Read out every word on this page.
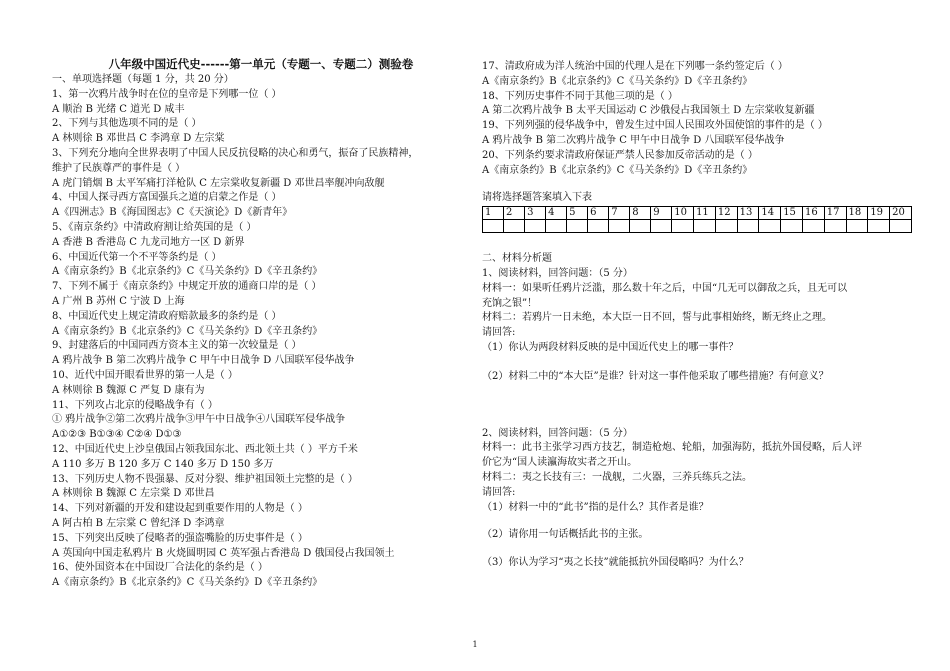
八年级中国近代史------第一单元（专题一、专题二）测验卷
一、单项选择题（每题 1 分，共 20 分）
1、第一次鸦片战争时在位的皇帝是下列哪一位（ ）
A 顺治 B 光绪 C 道光 D 咸丰
2、下列与其他选项不同的是（ ）
A 林则徐 B 邓世昌 C 李鸿章 D 左宗棠
3、下列充分地向全世界表明了中国人民反抗侵略的决心和勇气，振奋了民族精神，
维护了民族尊严的事件是（ ）
A 虎门销烟 B 太平军痛打洋枪队 C 左宗棠收复新疆 D 邓世昌率舰冲向敌舰
4、中国人探寻西方富国强兵之道的启蒙之作是（ ）
A《四洲志》B《海国图志》C《天演论》D《新青年》
5、《南京条约》中清政府割让给英国的是（ ）
A 香港 B 香港岛 C 九龙司地方一区 D 新界
6、中国近代第一个不平等条约是（ ）
A《南京条约》B《北京条约》C《马关条约》D《辛丑条约》
7、下列不属于《南京条约》中规定开放的通商口岸的是（ ）
A 广州 B 苏州 C 宁波 D 上海
8、中国近代史上规定清政府赔款最多的条约是（ ）
A《南京条约》B《北京条约》C《马关条约》D《辛丑条约》
9、封建落后的中国同西方资本主义的第一次较量是（ ）
A 鸦片战争 B 第二次鸦片战争 C 甲午中日战争 D 八国联军侵华战争
10、近代中国开眼看世界的第一人是（ ）
A 林则徐 B 魏源 C 严复 D 康有为
11、下列攻占北京的侵略战争有（ ）
① 鸦片战争②第二次鸦片战争③甲午中日战争④八国联军侵华战争
A①②③ B①③④ C②④ D①③
12、中国近代史上沙皇俄国占领我国东北、西北领土共（ ）平方千米
A 110 多万 B 120 多万 C 140 多万 D 150 多万
13、下列历史人物不畏强暴、反对分裂、维护祖国领土完整的是（ ）
A 林则徐 B 魏源 C 左宗棠 D 邓世昌
14、下列对新疆的开发和建设起到重要作用的人物是（ ）
A 阿古柏 B 左宗棠 C 曾纪泽 D 李鸿章
15、下列突出反映了侵略者的强盗嘴脸的历史事件是（ ）
A 英国向中国走私鸦片 B 火烧圆明园 C 英军强占香港岛 D 俄国侵占我国领土
16、使外国资本在中国设厂合法化的条约是（ ）
A《南京条约》B《北京条约》C《马关条约》D《辛丑条约》
17、清政府成为洋人统治中国的代理人是在下列哪一条约签定后（ ）
A《南京条约》B《北京条约》C《马关条约》D《辛丑条约》
18、下列历史事件不同于其他三项的是（ ）
A 第二次鸦片战争 B 太平天国运动 C 沙俄侵占我国领土 D 左宗棠收复新疆
19、下列列强的侵华战争中，曾发生过中国人民围攻外国使馆的事件的是（ ）
A 鸦片战争 B 第二次鸦片战争 C 甲午中日战争 D 八国联军侵华战争
20、下列条约要求清政府保证严禁人民参加反帝活动的是（ ）
A《南京条约》B《北京条约》C《马关条约》D《辛丑条约》
请将选择题答案填入下表
1	2	3	4	5	6	7	8	9	10	11	12	13	14	15	16	17	18	19	20

二、材料分析题
1、阅读材料，回答问题：（5 分）
材料一：如果听任鸦片泛滥，那么数十年之后，中国“几无可以御敌之兵，且无可以
充饷之银”！
材料二：若鸦片一日未绝，本大臣一日不回，誓与此事相始终，断无终止之理。
请回答:
（1）你认为两段材料反映的是中国近代史上的哪一事件？
（2）材料二中的“本大臣”是谁？针对这一事件他采取了哪些措施？有何意义？
2、阅读材料，回答问题：（5 分）
材料一：此书主张学习西方技艺，制造枪炮、轮船，加强海防，抵抗外国侵略，后人评
价它为“国人读瀛海故实者之开山。
材料二：夷之长技有三：一战舰，二火器，三养兵练兵之法。
请回答:
（1）材料一中的“此书”指的是什么？其作者是谁？
（2）请你用一句话概括此书的主张。
（3）你认为学习“夷之长技”就能抵抗外国侵略吗？为什么？
1
